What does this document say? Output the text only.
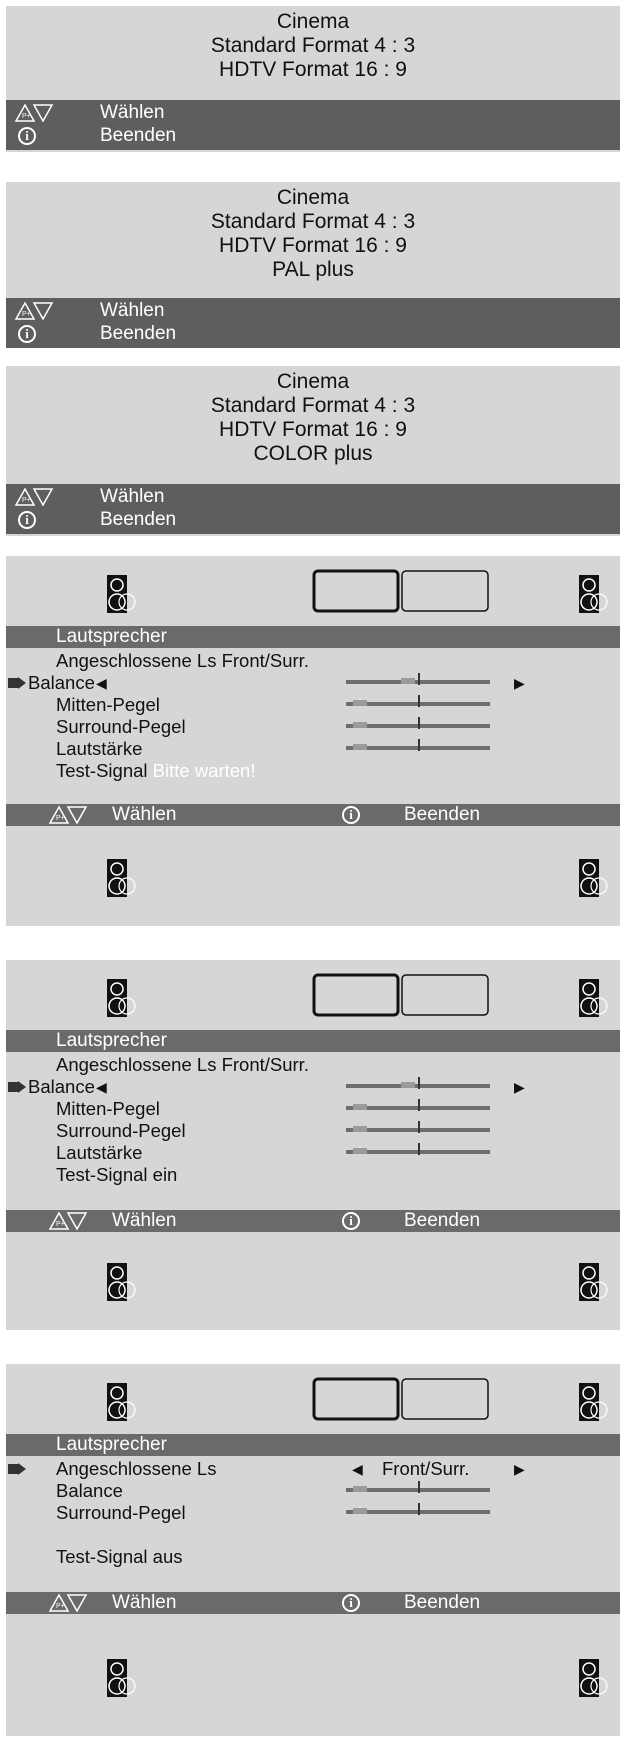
Cinema
Standard Format 4 : 3
HDTV Format 16 : 9
P+	Wählen
i	Beenden
Cinema
Standard Format 4 : 3
HDTV Format 16 : 9
PAL plus
P+	Wählen
i	Beenden
Cinema
Standard Format 4 : 3
HDTV Format 16 : 9
COLOR plus
P+	Wählen
i	Beenden
Lautsprecher
Angeschlossene Ls Front/Surr.
Balance ◀	▶
Mitten-Pegel
Surround-Pegel
Lautstärke
Test-Signal Bitte warten!
P+ Wählen	i	Beenden
Lautsprecher
Angeschlossene Ls Front/Surr.
Balance ◀	▶
Mitten-Pegel
Surround-Pegel
Lautstärke
Test-Signal ein
P+ Wählen	i	Beenden
Lautsprecher
Angeschlossene Ls	◀ Front/Surr.	▶
Balance
Surround-Pegel
Test-Signal aus
P+ Wählen	i	Beenden
